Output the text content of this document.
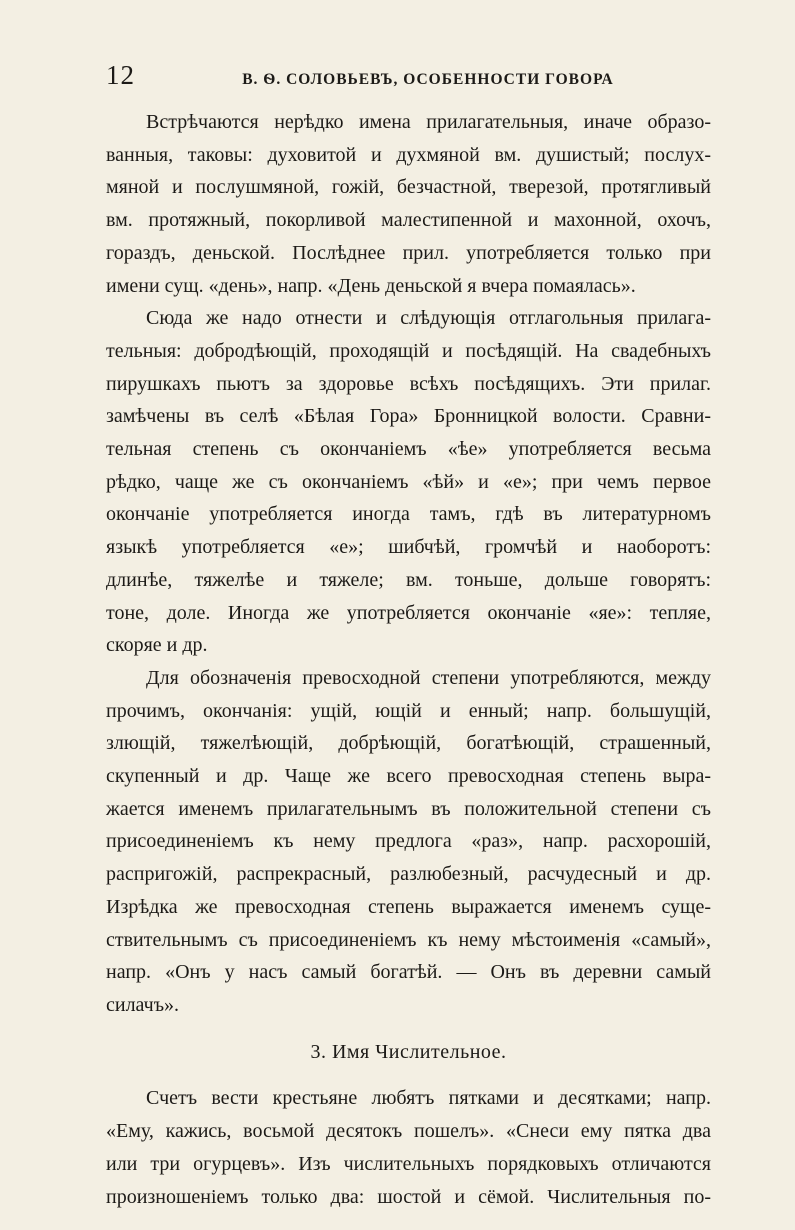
12	В. Ѳ. СОЛОВЬЕВЪ, ОСОБЕННОСТИ ГОВОРА
Встрѣчаются нерѣдко имена прилагательныя, иначе образо-
ванныя, таковы: духовитой и духмяной вм. душистый; послух-
мяной и послушмяной, гожій, безчастной, тверезой, протягливый
вм. протяжный, покорливой малестипенной и махонной, охочъ,
гораздъ, деньской. Послѣднее прил. употребляется только при
имени сущ. «день», напр. «День деньской я вчера помаялась».
Сюда же надо отнести и слѣдующія отглагольныя прилага-
тельныя: добродѣющій, проходящій и посѣдящій. На свадебныхъ
пирушкахъ пьютъ за здоровье всѣхъ посѣдящихъ. Эти прилаг.
замѣчены въ селѣ «Бѣлая Гора» Бронницкой волости. Сравни-
тельная степень съ окончаніемъ «ѣе» употребляется весьма
рѣдко, чаще же съ окончаніемъ «ѣй» и «е»; при чемъ первое
окончаніе употребляется иногда тамъ, гдѣ въ литературномъ
языкѣ употребляется «е»; шибчѣй, громчѣй и наоборотъ:
длинѣе, тяжелѣе и тяжеле; вм. тоньше, дольше говорятъ:
тоне, доле. Иногда же употребляется окончаніе «яе»: тепляе,
скоряе и др.
Для обозначенія превосходной степени употребляются, между
прочимъ, окончанія: ущій, ющій и енный; напр. большущій,
злющій, тяжелѣющій, добрѣющій, богатѣющій, страшенный,
скупенный и др. Чаще же всего превосходная степень выра-
жается именемъ прилагательнымъ въ положительной степени съ
присоединеніемъ къ нему предлога «раз», напр. расхорошій,
распригожій, распрекрасный, разлюбезный, расчудесный и др.
Изрѣдка же превосходная степень выражается именемъ суще-
ствительнымъ съ присоединеніемъ къ нему мѣстоименія «самый»,
напр. «Онъ у насъ самый богатѣй. — Онъ въ деревни самый
силачъ».
3. Имя Числительное.
Счетъ вести крестьяне любятъ пятками и десятками; напр.
«Ему, кажись, восьмой десятокъ пошелъ». «Снеси ему пятка два
или три огурцевъ». Изъ числительныхъ порядковыхъ отличаются
произношеніемъ только два: шостой и сёмой. Числительныя по-
